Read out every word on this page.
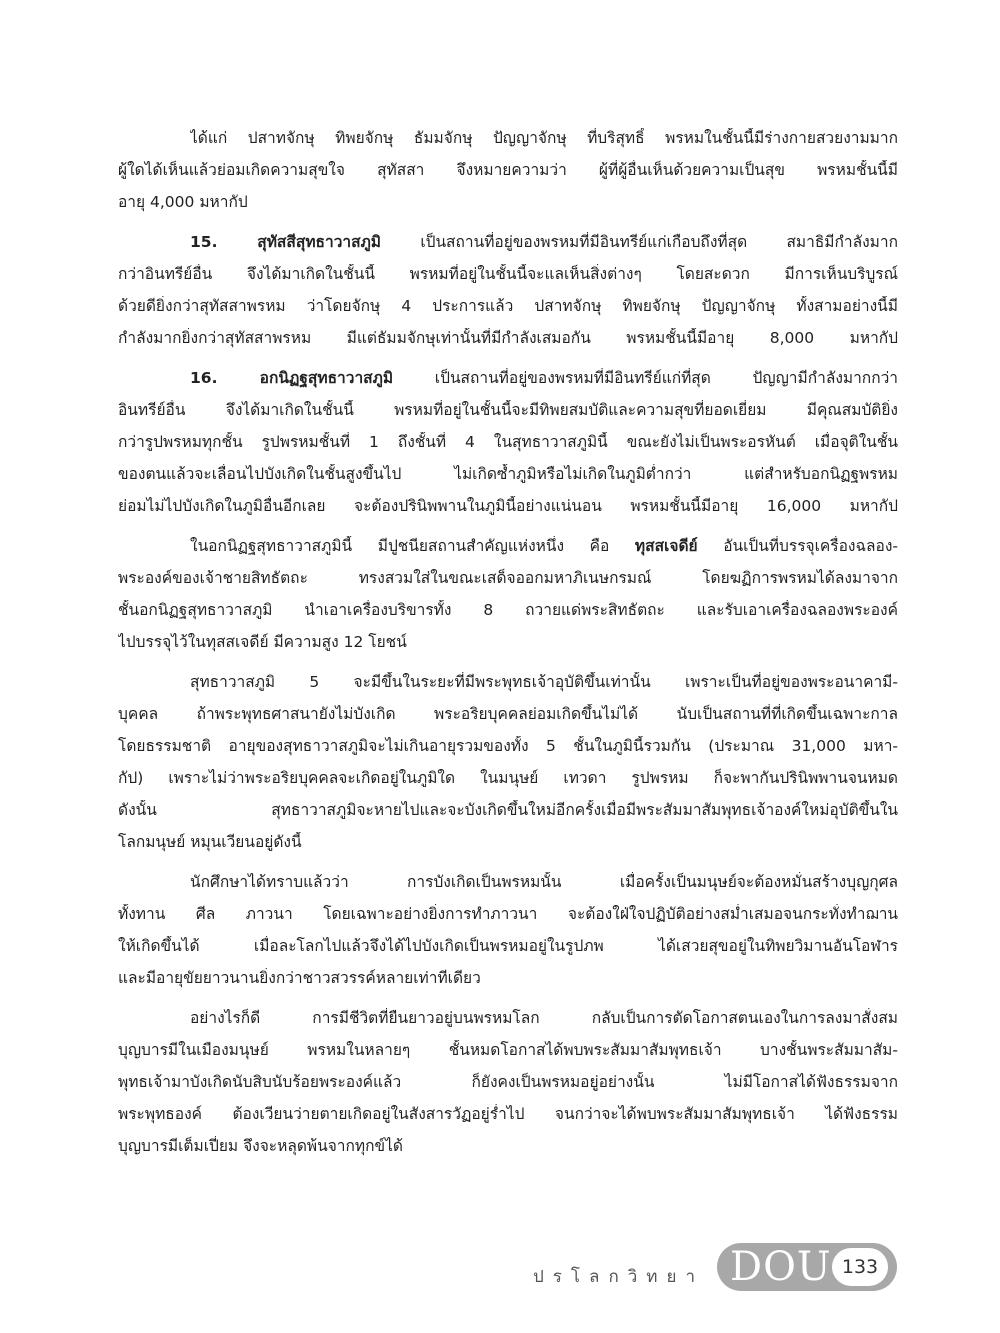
ได้แก่ ปสาทจักษุ ทิพยจักษุ ธัมมจักษุ ปัญญาจักษุ ที่บริสุทธิ์ พรหมในชั้นนี้มีร่างกายสวยงามมาก
ผู้ใดได้เห็นแล้วย่อมเกิดความสุขใจ สุทัสสา จึงหมายความว่า ผู้ที่ผู้อื่นเห็นด้วยความเป็นสุข พรหมชั้นนี้มี
อายุ 4,000 มหากัป
15. สุทัสสีสุทธาวาสภูมิ เป็นสถานที่อยู่ของพรหมที่มีอินทรีย์แก่เกือบถึงที่สุด สมาธิมีกำลังมาก
กว่าอินทรีย์อื่น จึงได้มาเกิดในชั้นนี้ พรหมที่อยู่ในชั้นนี้จะแลเห็นสิ่งต่างๆ โดยสะดวก มีการเห็นบริบูรณ์
ด้วยดียิ่งกว่าสุทัสสาพรหม ว่าโดยจักษุ 4 ประการแล้ว ปสาทจักษุ ทิพยจักษุ ปัญญาจักษุ ทั้งสามอย่างนี้มี
กำลังมากยิ่งกว่าสุทัสสาพรหม มีแต่ธัมมจักษุเท่านั้นที่มีกำลังเสมอกัน พรหมชั้นนี้มีอายุ 8,000 มหากัป
16. อกนิฏฐสุทธาวาสภูมิ เป็นสถานที่อยู่ของพรหมที่มีอินทรีย์แก่ที่สุด ปัญญามีกำลังมากกว่า
อินทรีย์อื่น จึงได้มาเกิดในชั้นนี้ พรหมที่อยู่ในชั้นนี้จะมีทิพยสมบัติและความสุขที่ยอดเยี่ยม มีคุณสมบัติยิ่ง
กว่ารูปพรหมทุกชั้น รูปพรหมชั้นที่ 1 ถึงชั้นที่ 4 ในสุทธาวาสภูมินี้ ขณะยังไม่เป็นพระอรหันต์ เมื่อจุติในชั้น
ของตนแล้วจะเลื่อนไปบังเกิดในชั้นสูงขึ้นไป ไม่เกิดซ้ำภูมิหรือไม่เกิดในภูมิต่ำกว่า แต่สำหรับอกนิฏฐพรหม
ย่อมไม่ไปบังเกิดในภูมิอื่นอีกเลย จะต้องปรินิพพานในภูมินี้อย่างแน่นอน พรหมชั้นนี้มีอายุ 16,000 มหากัป
ในอกนิฏฐสุทธาวาสภูมินี้ มีปูชนียสถานสำคัญแห่งหนึ่ง คือ ทุสสเจดีย์ อันเป็นที่บรรจุเครื่องฉลอง-
พระองค์ของเจ้าชายสิทธัตถะ ทรงสวมใส่ในขณะเสด็จออกมหาภิเนษกรมณ์ โดยฆฏิการพรหมได้ลงมาจาก
ชั้นอกนิฏฐสุทธาวาสภูมิ นำเอาเครื่องบริขารทั้ง 8 ถวายแด่พระสิทธัตถะ และรับเอาเครื่องฉลองพระองค์
ไปบรรจุไว้ในทุสสเจดีย์ มีความสูง 12 โยชน์
สุทธาวาสภูมิ 5 จะมีขึ้นในระยะที่มีพระพุทธเจ้าอุบัติขึ้นเท่านั้น เพราะเป็นที่อยู่ของพระอนาคามี-
บุคคล ถ้าพระพุทธศาสนายังไม่บังเกิด พระอริยบุคคลย่อมเกิดขึ้นไม่ได้ นับเป็นสถานที่ที่เกิดขึ้นเฉพาะกาล
โดยธรรมชาติ อายุของสุทธาวาสภูมิจะไม่เกินอายุรวมของทั้ง 5 ชั้นในภูมินี้รวมกัน (ประมาณ 31,000 มหา-
กัป) เพราะไม่ว่าพระอริยบุคคลจะเกิดอยู่ในภูมิใด ในมนุษย์ เทวดา รูปพรหม ก็จะพากันปรินิพพานจนหมด
ดังนั้น สุทธาวาสภูมิจะหายไปและจะบังเกิดขึ้นใหม่อีกครั้งเมื่อมีพระสัมมาสัมพุทธเจ้าองค์ใหม่อุบัติขึ้นใน
โลกมนุษย์ หมุนเวียนอยู่ดังนี้
นักศึกษาได้ทราบแล้วว่า การบังเกิดเป็นพรหมนั้น เมื่อครั้งเป็นมนุษย์จะต้องหมั่นสร้างบุญกุศล
ทั้งทาน ศีล ภาวนา โดยเฉพาะอย่างยิ่งการทำภาวนา จะต้องใฝ่ใจปฏิบัติอย่างสม่ำเสมอจนกระทั่งทำฌาน
ให้เกิดขึ้นได้ เมื่อละโลกไปแล้วจึงได้ไปบังเกิดเป็นพรหมอยู่ในรูปภพ ได้เสวยสุขอยู่ในทิพยวิมานอันโอฬาร
และมีอายุขัยยาวนานยิ่งกว่าชาวสวรรค์หลายเท่าทีเดียว
อย่างไรก็ดี การมีชีวิตที่ยืนยาวอยู่บนพรหมโลก กลับเป็นการตัดโอกาสตนเองในการลงมาสั่งสม
บุญบารมีในเมืองมนุษย์ พรหมในหลายๆ ชั้นหมดโอกาสได้พบพระสัมมาสัมพุทธเจ้า บางชั้นพระสัมมาสัม-
พุทธเจ้ามาบังเกิดนับสิบนับร้อยพระองค์แล้ว ก็ยังคงเป็นพรหมอยู่อย่างนั้น ไม่มีโอกาสได้ฟังธรรมจาก
พระพุทธองค์ ต้องเวียนว่ายตายเกิดอยู่ในสังสารวัฏอยู่ร่ำไป จนกว่าจะได้พบพระสัมมาสัมพุทธเจ้า ได้ฟังธรรม
บุญบารมีเต็มเปี่ยม จึงจะหลุดพ้นจากทุกข์ได้
ปรโลกวิทยา DOU 133
